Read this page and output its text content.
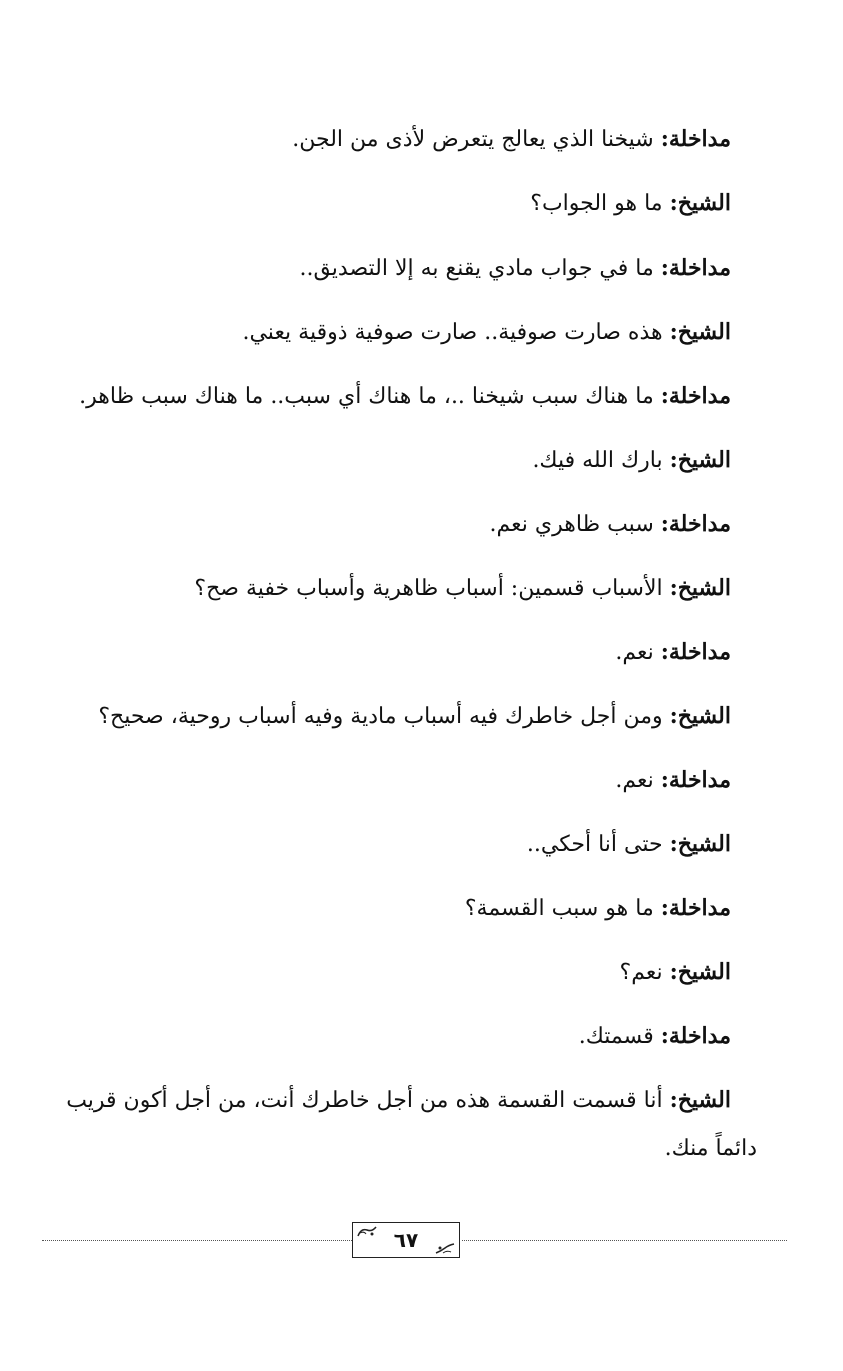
مداخلة: شيخنا الذي يعالج يتعرض لأذى من الجن.
الشيخ: ما هو الجواب؟
مداخلة: ما في جواب مادي يقنع به إلا التصديق..
الشيخ: هذه صارت صوفية.. صارت صوفية ذوقية يعني.
مداخلة: ما هناك سبب شيخنا ..، ما هناك أي سبب.. ما هناك سبب ظاهر.
الشيخ: بارك الله فيك.
مداخلة: سبب ظاهري نعم.
الشيخ: الأسباب قسمين: أسباب ظاهرية وأسباب خفية صح؟
مداخلة: نعم.
الشيخ: ومن أجل خاطرك فيه أسباب مادية وفيه أسباب روحية، صحيح؟
مداخلة: نعم.
الشيخ: حتى أنا أحكي..
مداخلة: ما هو سبب القسمة؟
الشيخ: نعم؟
مداخلة: قسمتك.
الشيخ: أنا قسمت القسمة هذه من أجل خاطرك أنت، من أجل أكون قريب
دائماً منك.
٦٧
